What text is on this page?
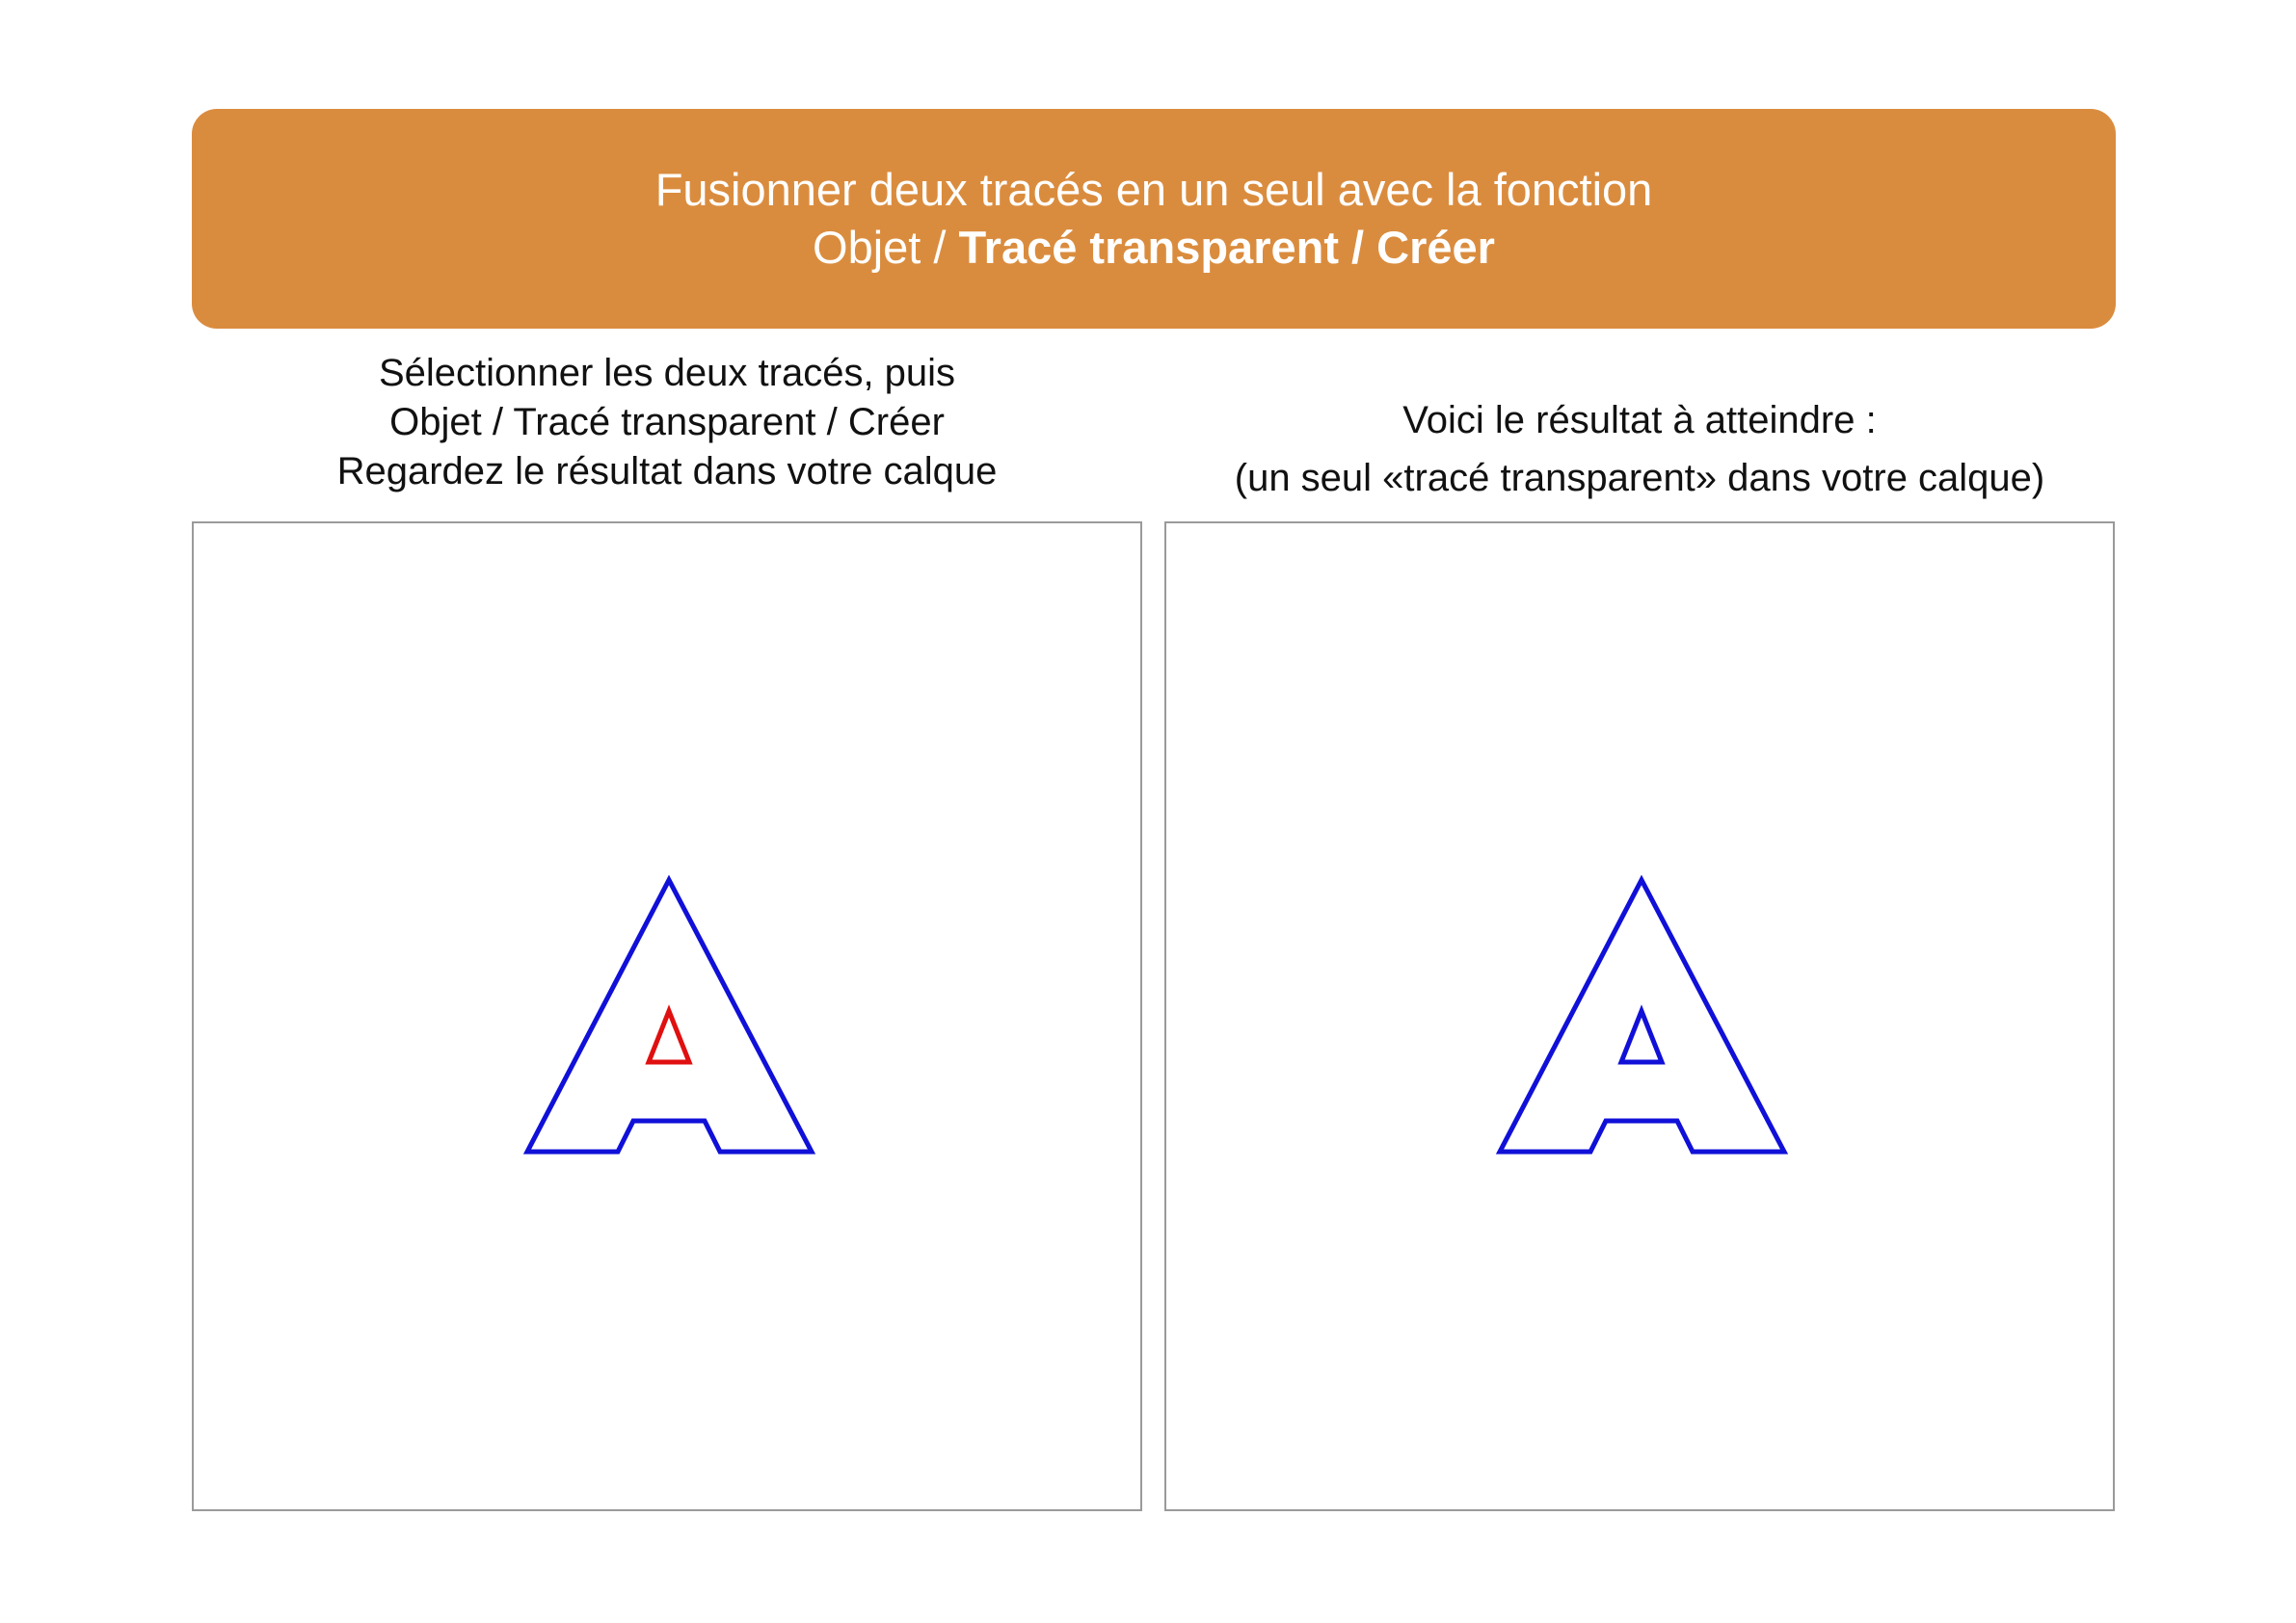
Fusionner deux tracés en un seul avec la fonction
Objet / Tracé transparent / Créer
Sélectionner les deux tracés, puis
Objet / Tracé transparent / Créer
Regardez le résultat dans votre calque
Voici le résultat à atteindre :
(un seul «tracé transparent» dans votre calque)
